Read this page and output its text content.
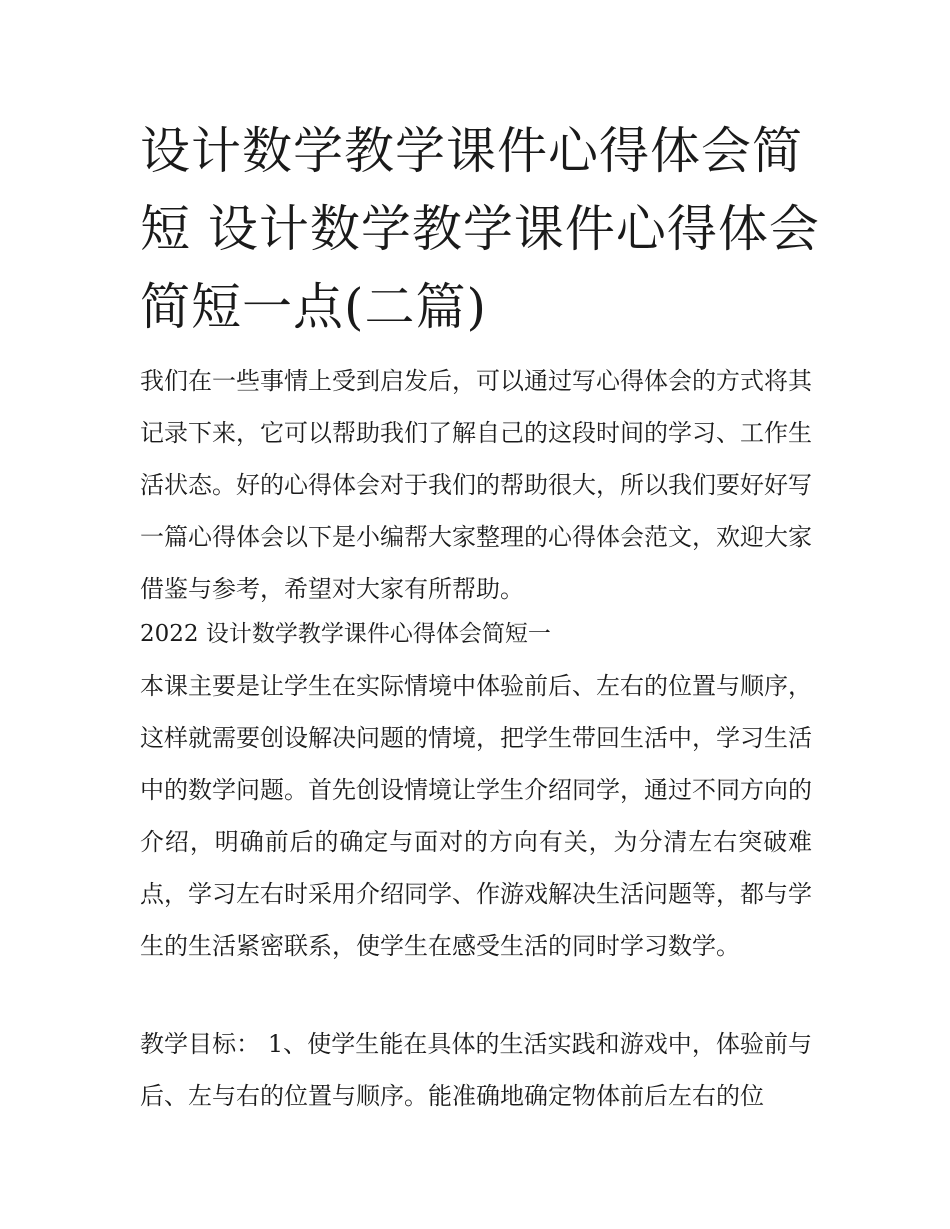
设计数学教学课件心得体会简短 设计数学教学课件心得体会简短一点(二篇)

我们在一些事情上受到启发后，可以通过写心得体会的方式将其记录下来，它可以帮助我们了解自己的这段时间的学习、工作生活状态。好的心得体会对于我们的帮助很大，所以我们要好好写一篇心得体会以下是小编帮大家整理的心得体会范文，欢迎大家借鉴与参考，希望对大家有所帮助。

2022 设计数学教学课件心得体会简短一

本课主要是让学生在实际情境中体验前后、左右的位置与顺序，这样就需要创设解决问题的情境，把学生带回生活中，学习生活中的数学问题。首先创设情境让学生介绍同学，通过不同方向的介绍，明确前后的确定与面对的方向有关，为分清左右突破难点，学习左右时采用介绍同学、作游戏解决生活问题等，都与学生的生活紧密联系，使学生在感受生活的同时学习数学。

教学目标： 1、使学生能在具体的生活实践和游戏中，体验前与后、左与右的位置与顺序。能准确地确定物体前后左右的位
